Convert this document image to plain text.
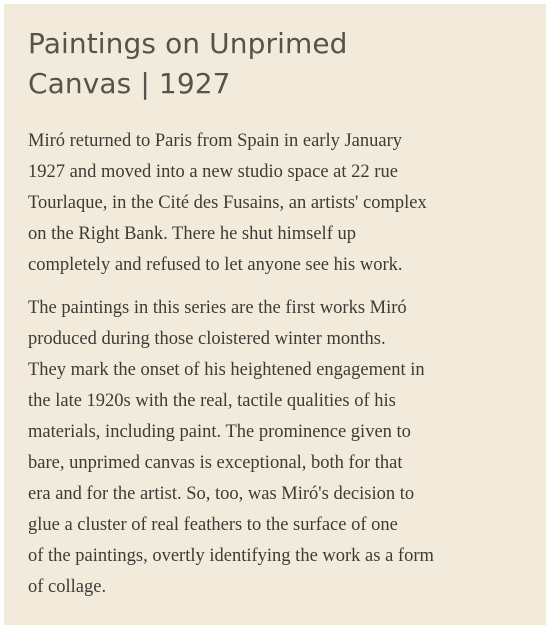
Paintings on Unprimed
Canvas | 1927

Miró returned to Paris from Spain in early January
1927 and moved into a new studio space at 22 rue
Tourlaque, in the Cité des Fusains, an artists' complex
on the Right Bank. There he shut himself up
completely and refused to let anyone see his work.

The paintings in this series are the first works Miró
produced during those cloistered winter months.
They mark the onset of his heightened engagement in
the late 1920s with the real, tactile qualities of his
materials, including paint. The prominence given to
bare, unprimed canvas is exceptional, both for that
era and for the artist. So, too, was Miró's decision to
glue a cluster of real feathers to the surface of one
of the paintings, overtly identifying the work as a form
of collage.
